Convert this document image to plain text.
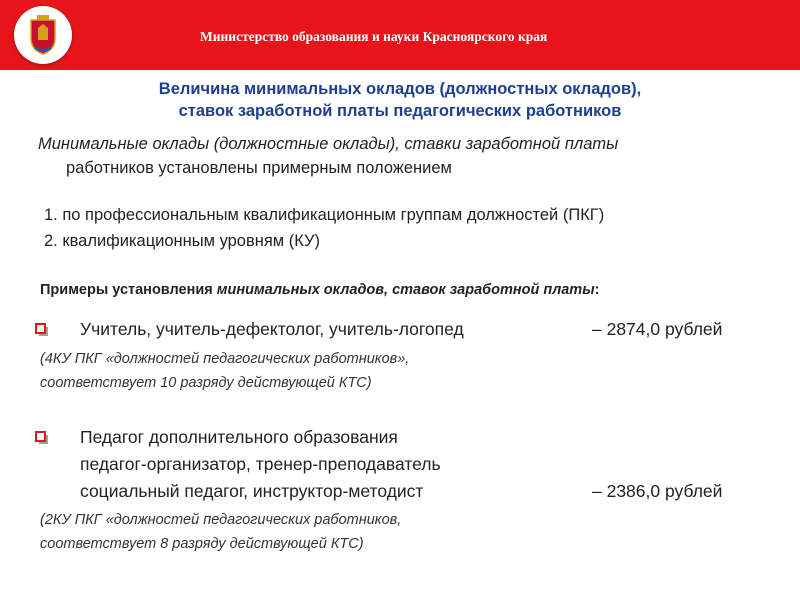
Министерство образования и науки Красноярского края
Величина минимальных окладов (должностных окладов),
ставок заработной платы педагогических работников
Минимальные оклады (должностные оклады), ставки заработной платы
работников установлены примерным положением
1. по профессиональным квалификационным группам должностей (ПКГ)
2. квалификационным уровням (КУ)
Примеры установления минимальных окладов, ставок заработной платы:
Учитель, учитель-дефектолог, учитель-логопед	– 2874,0 рублей
(4КУ ПКГ «должностей педагогических работников»,
соответствует 10 разряду действующей КТС)
Педагог дополнительного образования
педагог-организатор, тренер-преподаватель
социальный педагог, инструктор-методист	– 2386,0 рублей
(2КУ ПКГ «должностей педагогических работников,
соответствует 8 разряду действующей КТС)
